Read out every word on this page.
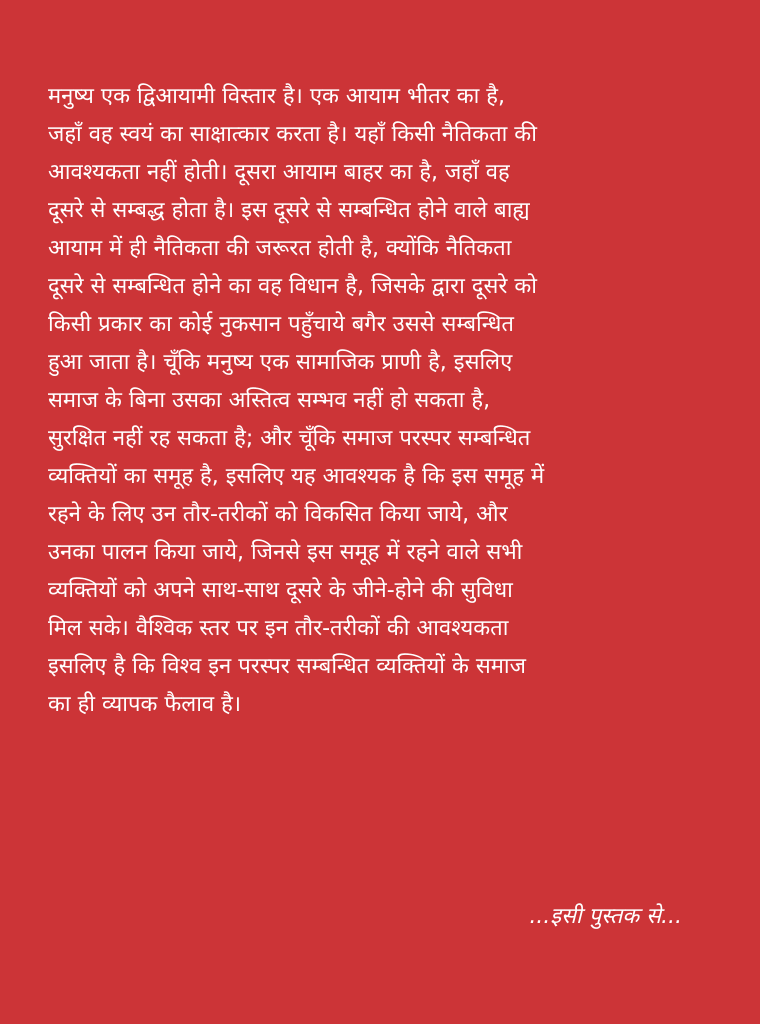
मनुष्य एक द्विआयामी विस्तार है। एक आयाम भीतर का है,
जहाँ वह स्वयं का साक्षात्कार करता है। यहाँ किसी नैतिकता की
आवश्यकता नहीं होती। दूसरा आयाम बाहर का है, जहाँ वह
दूसरे से सम्बद्ध होता है। इस दूसरे से सम्बन्धित होने वाले बाह्य
आयाम में ही नैतिकता की जरूरत होती है, क्योंकि नैतिकता
दूसरे से सम्बन्धित होने का वह विधान है, जिसके द्वारा दूसरे को
किसी प्रकार का कोई नुकसान पहुँचाये बगैर उससे सम्बन्धित
हुआ जाता है। चूँकि मनुष्य एक सामाजिक प्राणी है, इसलिए
समाज के बिना उसका अस्तित्व सम्भव नहीं हो सकता है,
सुरक्षित नहीं रह सकता है; और चूँकि समाज परस्पर सम्बन्धित
व्यक्तियों का समूह है, इसलिए यह आवश्यक है कि इस समूह में
रहने के लिए उन तौर-तरीकों को विकसित किया जाये, और
उनका पालन किया जाये, जिनसे इस समूह में रहने वाले सभी
व्यक्तियों को अपने साथ-साथ दूसरे के जीने-होने की सुविधा
मिल सके। वैश्विक स्तर पर इन तौर-तरीकों की आवश्यकता
इसलिए है कि विश्व इन परस्पर सम्बन्धित व्यक्तियों के समाज
का ही व्यापक फैलाव है।
...इसी पुस्तक से...
